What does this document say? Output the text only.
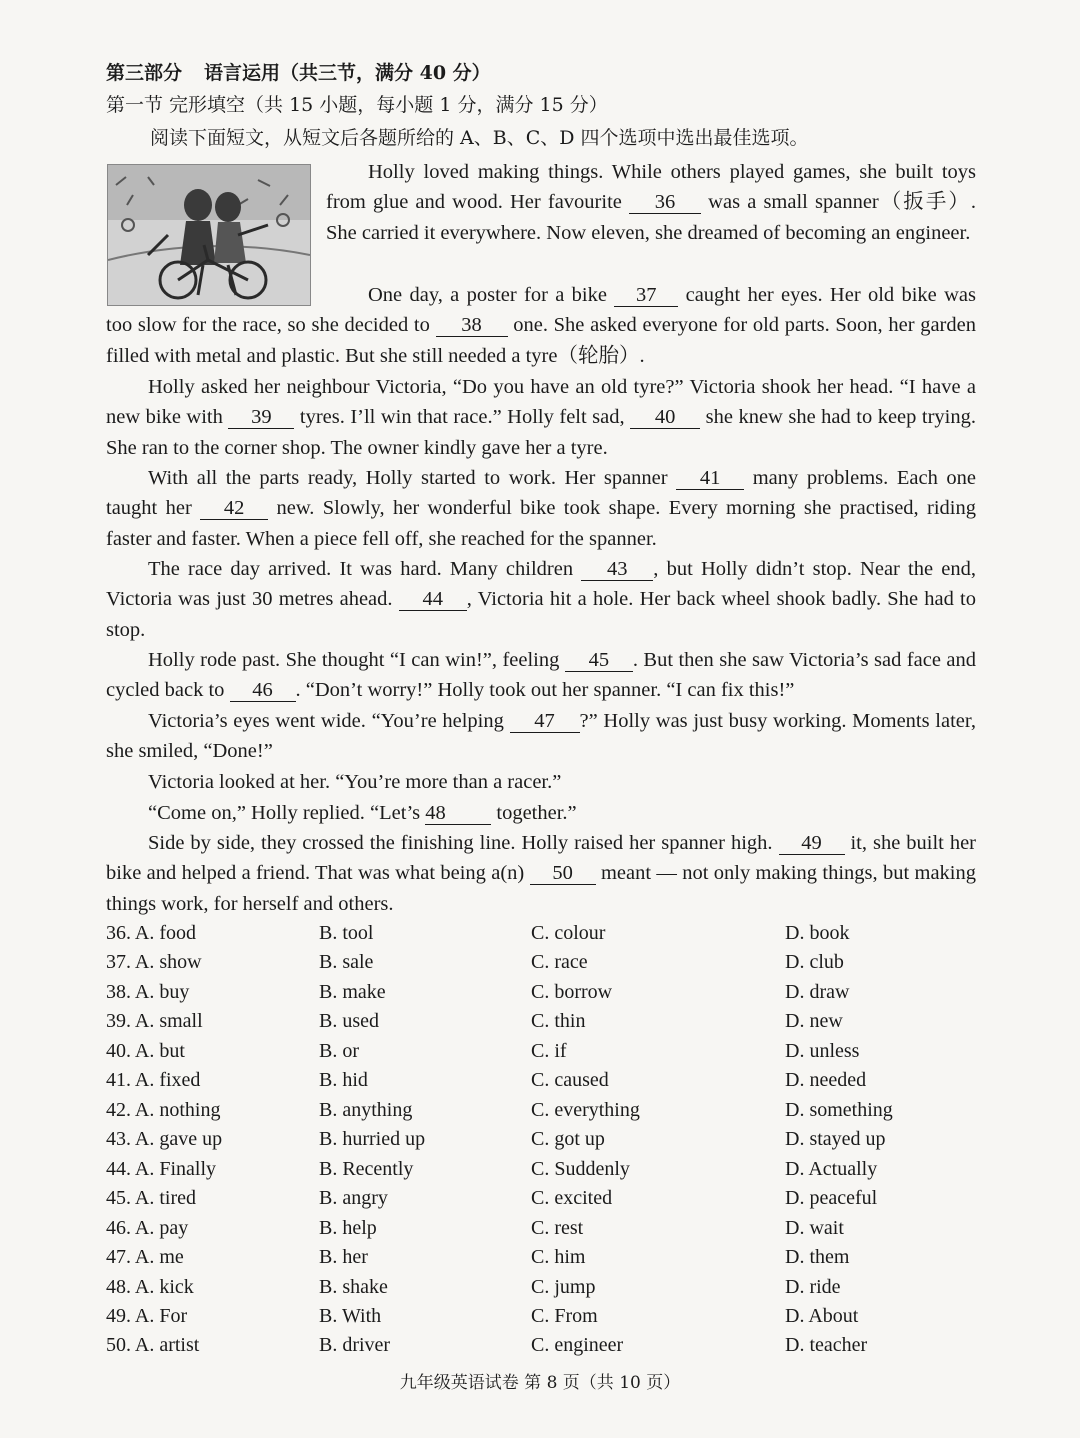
第三部分 语言运用（共三节，满分 40 分）
第一节 完形填空（共 15 小题，每小题 1 分，满分 15 分）
阅读下面短文，从短文后各题所给的 A、B、C、D 四个选项中选出最佳选项。
Holly loved making things. While others played games, she built toys from glue and wood. Her favourite 36 was a small spanner（扳手）. She carried it everywhere. Now eleven, she dreamed of becoming an engineer.
One day, a poster for a bike 37 caught her eyes. Her old bike was too slow for the race, so she decided to 38 one. She asked everyone for old parts. Soon, her garden filled with metal and plastic. But she still needed a tyre（轮胎）.
Holly asked her neighbour Victoria, “Do you have an old tyre?” Victoria shook her head. “I have a new bike with 39 tyres. I’ll win that race.” Holly felt sad, 40 she knew she had to keep trying. She ran to the corner shop. The owner kindly gave her a tyre.
With all the parts ready, Holly started to work. Her spanner 41 many problems. Each one taught her 42 new. Slowly, her wonderful bike took shape. Every morning she practised, riding faster and faster. When a piece fell off, she reached for the spanner.
The race day arrived. It was hard. Many children 43 , but Holly didn’t stop. Near the end, Victoria was just 30 metres ahead. 44 , Victoria hit a hole. Her back wheel shook badly. She had to stop.
Holly rode past. She thought “I can win!”, feeling 45 . But then she saw Victoria’s sad face and cycled back to 46 . “Don’t worry!” Holly took out her spanner. “I can fix this!”
Victoria’s eyes went wide. “You’re helping 47 ?” Holly was just busy working. Moments later, she smiled, “Done!”
Victoria looked at her. “You’re more than a racer.”
“Come on,” Holly replied. “Let’s 48 together.”
Side by side, they crossed the finishing line. Holly raised her spanner high. 49 it, she built her bike and helped a friend. That was what being a(n) 50 meant — not only making things, but making things work, for herself and others.
36. A. food	B. tool	C. colour	D. book
37. A. show	B. sale	C. race	D. club
38. A. buy	B. make	C. borrow	D. draw
39. A. small	B. used	C. thin	D. new
40. A. but	B. or	C. if	D. unless
41. A. fixed	B. hid	C. caused	D. needed
42. A. nothing	B. anything	C. everything	D. something
43. A. gave up	B. hurried up	C. got up	D. stayed up
44. A. Finally	B. Recently	C. Suddenly	D. Actually
45. A. tired	B. angry	C. excited	D. peaceful
46. A. pay	B. help	C. rest	D. wait
47. A. me	B. her	C. him	D. them
48. A. kick	B. shake	C. jump	D. ride
49. A. For	B. With	C. From	D. About
50. A. artist	B. driver	C. engineer	D. teacher
九年级英语试卷 第 8 页（共 10 页）
